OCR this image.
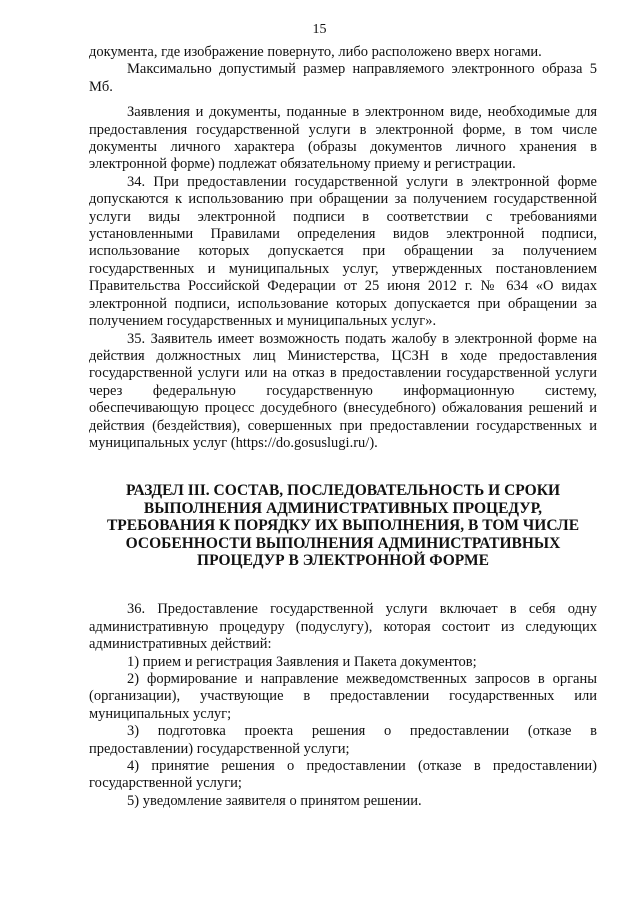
15

документа, где изображение повернуто, либо расположено вверх ногами.

Максимально допустимый размер направляемого электронного образа 5 Мб.

Заявления и документы, поданные в электронном виде, необходимые для предоставления государственной услуги в электронной форме, в том числе документы личного характера (образы документов личного хранения в электронной форме) подлежат обязательному приему и регистрации.

34. При предоставлении государственной услуги в электронной форме допускаются к использованию при обращении за получением государственной услуги виды электронной подписи в соответствии с требованиями установленными Правилами определения видов электронной подписи, использование которых допускается при обращении за получением государственных и муниципальных услуг, утвержденных постановлением Правительства Российской Федерации от 25 июня 2012 г. № 634 «О видах электронной подписи, использование которых допускается при обращении за получением государственных и муниципальных услуг».

35. Заявитель имеет возможность подать жалобу в электронной форме на действия должностных лиц Министерства, ЦСЗН в ходе предоставления государственной услуги или на отказ в предоставлении государственной услуги через федеральную государственную информационную систему, обеспечивающую процесс досудебного (внесудебного) обжалования решений и действия (бездействия), совершенных при предоставлении государственных и муниципальных услуг (https://do.gosuslugi.ru/).

РАЗДЕЛ III. СОСТАВ, ПОСЛЕДОВАТЕЛЬНОСТЬ И СРОКИ ВЫПОЛНЕНИЯ АДМИНИСТРАТИВНЫХ ПРОЦЕДУР, ТРЕБОВАНИЯ К ПОРЯДКУ ИХ ВЫПОЛНЕНИЯ, В ТОМ ЧИСЛЕ ОСОБЕННОСТИ ВЫПОЛНЕНИЯ АДМИНИСТРАТИВНЫХ ПРОЦЕДУР В ЭЛЕКТРОННОЙ ФОРМЕ

36. Предоставление государственной услуги включает в себя одну административную процедуру (подуслугу), которая состоит из следующих административных действий:

1) прием и регистрация Заявления и Пакета документов;

2) формирование и направление межведомственных запросов в органы (организации), участвующие в предоставлении государственных или муниципальных услуг;

3) подготовка проекта решения о предоставлении (отказе в предоставлении) государственной услуги;

4) принятие решения о предоставлении (отказе в предоставлении) государственной услуги;

5) уведомление заявителя о принятом решении.
